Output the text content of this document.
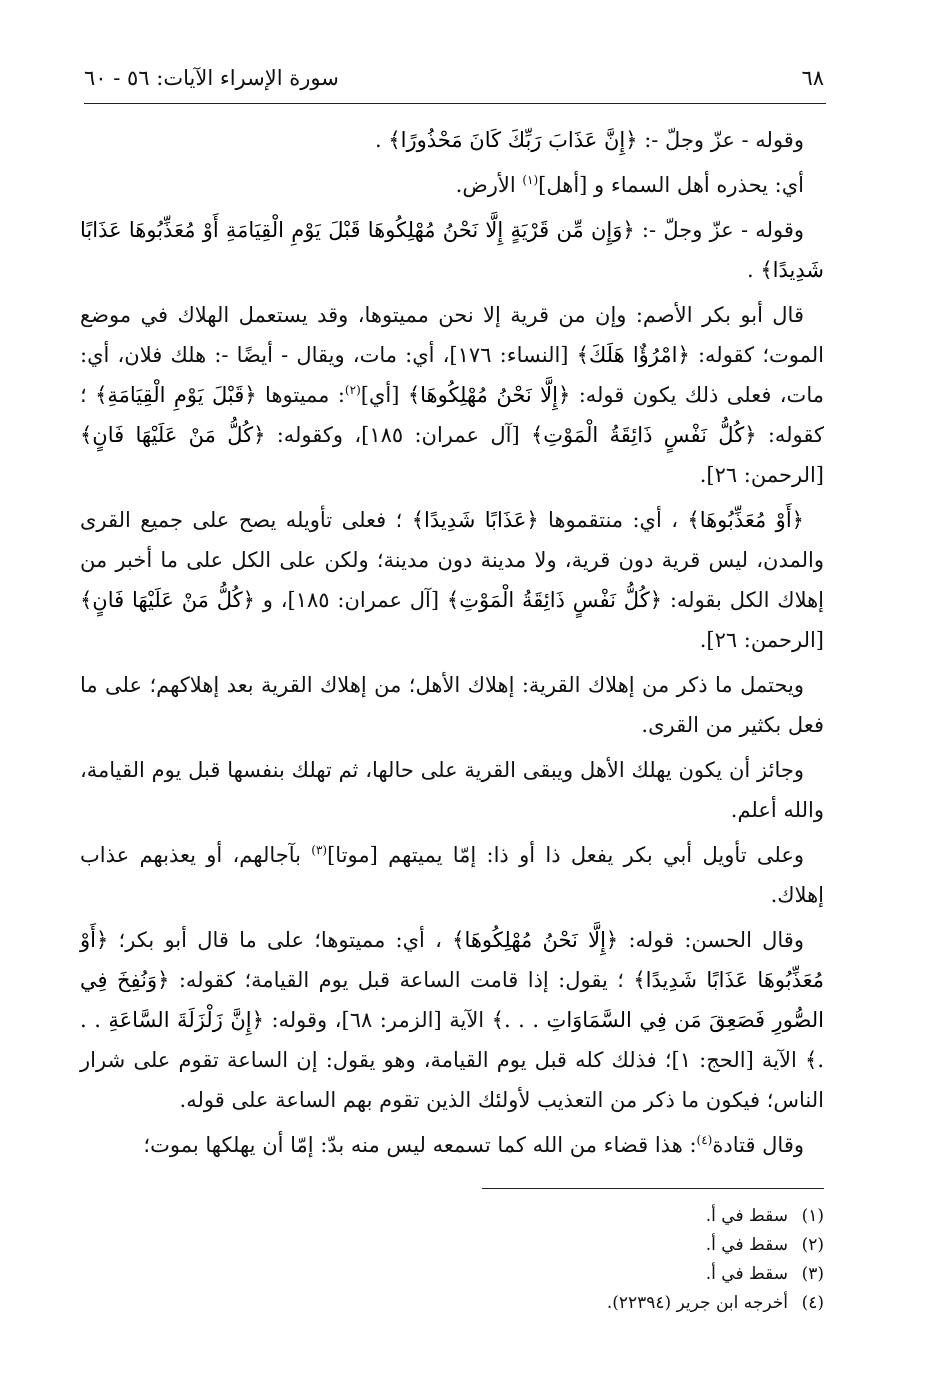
سورة الإسراء الآيات: ٥٦ - ٦٠	٦٨

وقوله - عزّ وجلّ -: ﴿إِنَّ عَذَابَ رَبِّكَ كَانَ مَحْذُورًا﴾ .

أي: يحذره أهل السماء و [أهل]$^{(١)}$ الأرض.

وقوله - عزّ وجلّ -: ﴿وَإِن مِّن قَرْيَةٍ إِلَّا نَحْنُ مُهْلِكُوهَا قَبْلَ يَوْمِ الْقِيَامَةِ أَوْ مُعَذِّبُوهَا عَذَابًا شَدِيدًا﴾ .

قال أبو بكر الأصم: وإن من قرية إلا نحن مميتوها، وقد يستعمل الهلاك في موضع الموت؛ كقوله: ﴿امْرُؤٌا هَلَكَ﴾ [النساء: ١٧٦]، أي: مات، ويقال - أيضًا -: هلك فلان، أي: مات، فعلى ذلك يكون قوله: ﴿إِلَّا نَحْنُ مُهْلِكُوهَا﴾ [أي]$^{(٢)}$: مميتوها ﴿قَبْلَ يَوْمِ الْقِيَامَةِ﴾ ؛ كقوله: ﴿كُلُّ نَفْسٍ ذَائِقَةُ الْمَوْتِ﴾ [آل عمران: ١٨٥]، وكقوله: ﴿كُلُّ مَنْ عَلَيْهَا فَانٍ﴾ [الرحمن: ٢٦].

﴿أَوْ مُعَذِّبُوهَا﴾ ، أي: منتقموها ﴿عَذَابًا شَدِيدًا﴾ ؛ فعلى تأويله يصح على جميع القرى والمدن، ليس قرية دون قرية، ولا مدينة دون مدينة؛ ولكن على الكل على ما أخبر من إهلاك الكل بقوله: ﴿كُلُّ نَفْسٍ ذَائِقَةُ الْمَوْتِ﴾ [آل عمران: ١٨٥]، و ﴿كُلُّ مَنْ عَلَيْهَا فَانٍ﴾ [الرحمن: ٢٦].

ويحتمل ما ذكر من إهلاك القرية: إهلاك الأهل؛ من إهلاك القرية بعد إهلاكهم؛ على ما فعل بكثير من القرى.

وجائز أن يكون يهلك الأهل ويبقى القرية على حالها، ثم تهلك بنفسها قبل يوم القيامة، والله أعلم.

وعلى تأويل أبي بكر يفعل ذا أو ذا: إمّا يميتهم [موتا]$^{(٣)}$ بآجالهم، أو يعذبهم عذاب إهلاك.

وقال الحسن: قوله: ﴿إِلَّا نَحْنُ مُهْلِكُوهَا﴾ ، أي: مميتوها؛ على ما قال أبو بكر؛ ﴿أَوْ مُعَذِّبُوهَا عَذَابًا شَدِيدًا﴾ ؛ يقول: إذا قامت الساعة قبل يوم القيامة؛ كقوله: ﴿وَنُفِخَ فِي الصُّورِ فَصَعِقَ مَن فِي السَّمَاوَاتِ . . .﴾ الآية [الزمر: ٦٨]، وقوله: ﴿إِنَّ زَلْزَلَةَ السَّاعَةِ . . .﴾ الآية [الحج: ١]؛ فذلك كله قبل يوم القيامة، وهو يقول: إن الساعة تقوم على شرار الناس؛ فيكون ما ذكر من التعذيب لأولئك الذين تقوم بهم الساعة على قوله.

وقال قتادة$^{(٤)}$: هذا قضاء من الله كما تسمعه ليس منه بدّ: إمّا أن يهلكها بموت؛

(١)سقط في أ.
(٢)سقط في أ.
(٣)سقط في أ.
(٤)أخرجه ابن جرير (٢٢٣٩٤).
